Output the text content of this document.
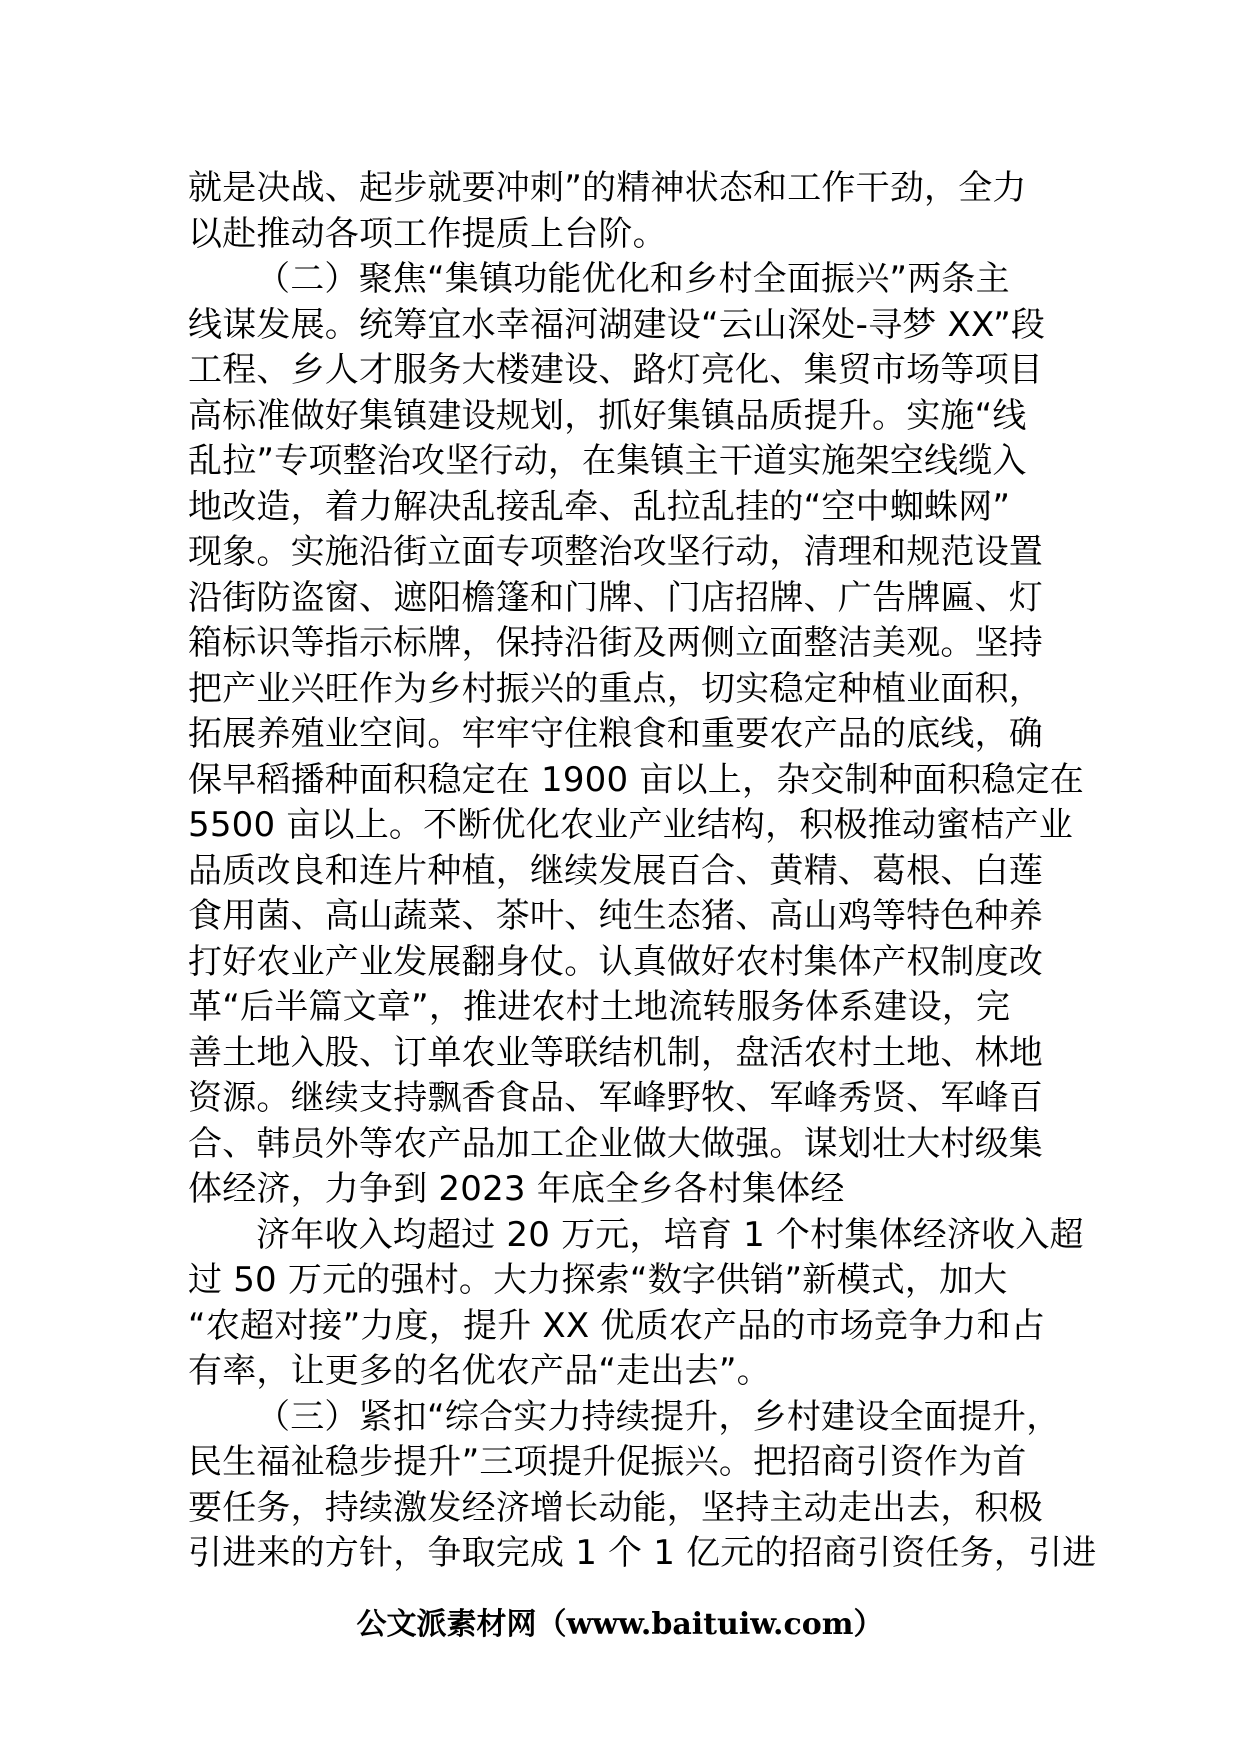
就是决战、起步就要冲刺”的精神状态和工作干劲，全力
以赴推动各项工作提质上台阶。
（二）聚焦“集镇功能优化和乡村全面振兴”两条主
线谋发展。统筹宜水幸福河湖建设“云山深处-寻梦 XX”段
工程、乡人才服务大楼建设、路灯亮化、集贸市场等项目
高标准做好集镇建设规划，抓好集镇品质提升。实施“线
乱拉”专项整治攻坚行动，在集镇主干道实施架空线缆入
地改造，着力解决乱接乱牵、乱拉乱挂的“空中蜘蛛网”
现象。实施沿街立面专项整治攻坚行动，清理和规范设置
沿街防盗窗、遮阳檐篷和门牌、门店招牌、广告牌匾、灯
箱标识等指示标牌，保持沿街及两侧立面整洁美观。坚持
把产业兴旺作为乡村振兴的重点，切实稳定种植业面积，
拓展养殖业空间。牢牢守住粮食和重要农产品的底线，确
保早稻播种面积稳定在 1900 亩以上，杂交制种面积稳定在
5500 亩以上。不断优化农业产业结构，积极推动蜜桔产业
品质改良和连片种植，继续发展百合、黄精、葛根、白莲
食用菌、高山蔬菜、茶叶、纯生态猪、高山鸡等特色种养
打好农业产业发展翻身仗。认真做好农村集体产权制度改
革“后半篇文章”，推进农村土地流转服务体系建设，完
善土地入股、订单农业等联结机制，盘活农村土地、林地
资源。继续支持飘香食品、军峰野牧、军峰秀贤、军峰百
合、韩员外等农产品加工企业做大做强。谋划壮大村级集
体经济，力争到 2023 年底全乡各村集体经
济年收入均超过 20 万元，培育 1 个村集体经济收入超
过 50 万元的强村。大力探索“数字供销”新模式，加大
“农超对接”力度，提升 XX 优质农产品的市场竞争力和占
有率，让更多的名优农产品“走出去”。
（三）紧扣“综合实力持续提升，乡村建设全面提升，
民生福祉稳步提升”三项提升促振兴。把招商引资作为首
要任务，持续激发经济增长动能，坚持主动走出去，积极
引进来的方针，争取完成 1 个 1 亿元的招商引资任务，引进
公文派素材网（www.baituiw.com）
